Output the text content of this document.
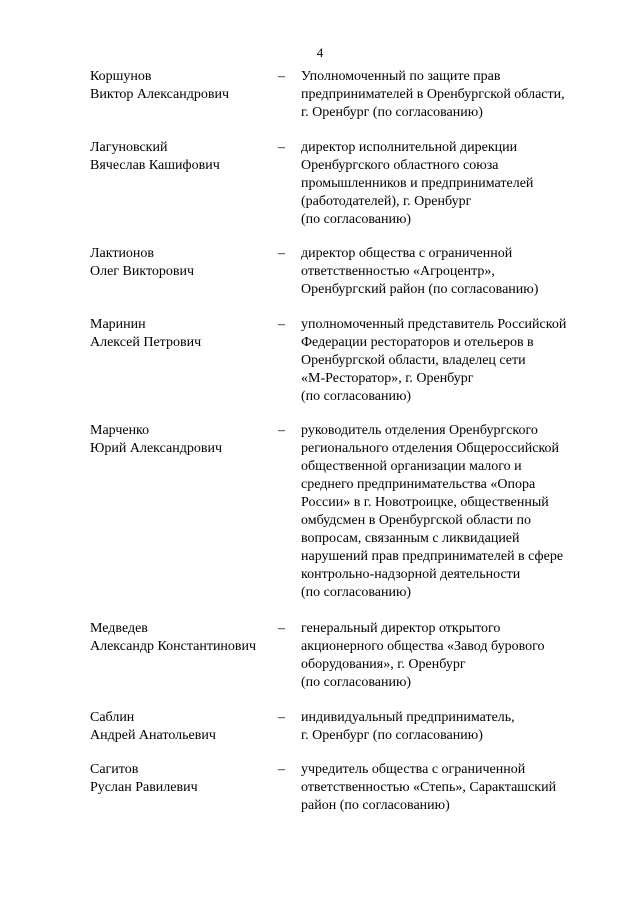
4
Коршунов
Виктор Александрович
– Уполномоченный по защите прав
предпринимателей в Оренбургской области,
г. Оренбург (по согласованию)
Лагуновский
Вячеслав Кашифович
– директор исполнительной дирекции
Оренбургского областного союза
промышленников и предпринимателей
(работодателей), г. Оренбург
(по согласованию)
Лактионов
Олег Викторович
– директор общества с ограниченной
ответственностью «Агроцентр»,
Оренбургский район (по согласованию)
Маринин
Алексей Петрович
– уполномоченный представитель Российской
Федерации рестораторов и отельеров в
Оренбургской области, владелец сети
«М-Ресторатор», г. Оренбург
(по согласованию)
Марченко
Юрий Александрович
– руководитель отделения Оренбургского
регионального отделения Общероссийской
общественной организации малого и
среднего предпринимательства «Опора
России» в г. Новотроицке, общественный
омбудсмен в Оренбургской области по
вопросам, связанным с ликвидацией
нарушений прав предпринимателей в сфере
контрольно-надзорной деятельности
(по согласованию)
Медведев
Александр Константинович
– генеральный директор открытого
акционерного общества «Завод бурового
оборудования», г. Оренбург
(по согласованию)
Саблин
Андрей Анатольевич
– индивидуальный предприниматель,
г. Оренбург (по согласованию)
Сагитов
Руслан Равилевич
– учредитель общества с ограниченной
ответственностью «Степь», Саракташский
район (по согласованию)
